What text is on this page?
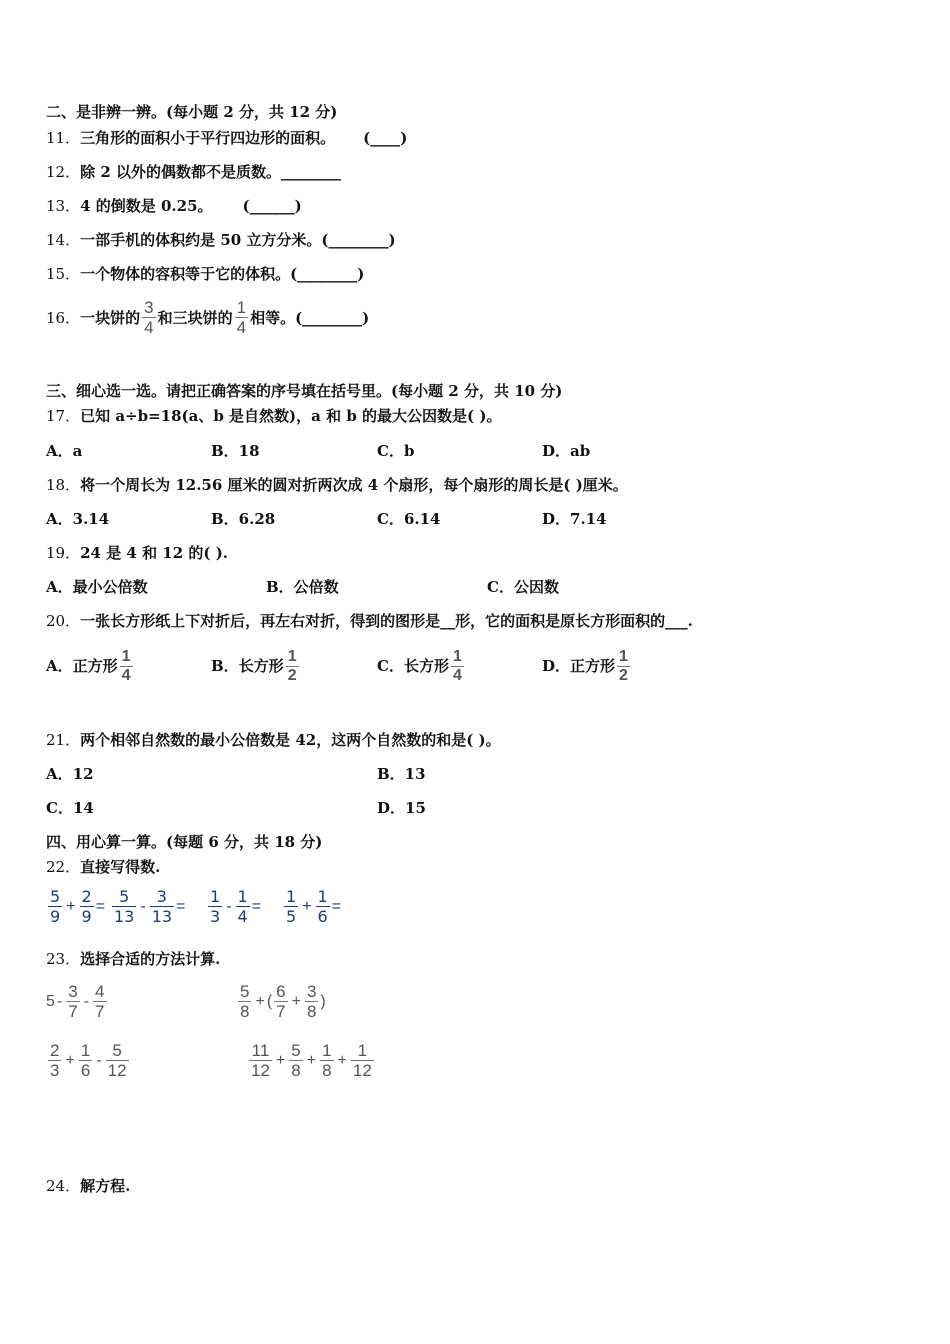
二、是非辨一辨。(每小题 2 分，共 12 分)
11．三角形的面积小于平行四边形的面积。 (____)
12．除 2 以外的偶数都不是质数。________
13．4 的倒数是 0.25。 (______)
14．一部手机的体积约是 50 立方分米。(________)
15．一个物体的容积等于它的体积。(________)
16． 一块饼的 $\frac{3}{4}$ 和三块饼的 $\frac{1}{4}$ 相等。(________)
三、细心选一选。请把正确答案的序号填在括号里。(每小题 2 分，共 10 分)
17．已知 a÷b=18(a、b 是自然数)，a 和 b 的最大公因数是( )。
A．a	B．18	C．b	D．ab
18．将一个周长为 12.56 厘米的圆对折两次成 4 个扇形，每个扇形的周长是( )厘米。
A．3.14	B．6.28	C．6.14	D．7.14
19．24 是 4 和 12 的( ).
A．最小公倍数	B．公倍数	C．公因数
20．一张长方形纸上下对折后，再左右对折，得到的图形是__形，它的面积是原长方形面积的___.
A．正方形 $\frac{1}{4}$	B．长方形 $\frac{1}{2}$	C．长方形 $\frac{1}{4}$	D．正方形 $\frac{1}{2}$
21．两个相邻自然数的最小公倍数是 42，这两个自然数的和是( )。
A．12	B．13
C．14	D．15
四、用心算一算。(每题 6 分，共 18 分)
22．直接写得数.
$\frac{5}{9} + \frac{2}{9} = \frac{5}{13} - \frac{3}{13} = \frac{1}{3} - \frac{1}{4} = \frac{1}{5} + \frac{1}{6}$ =
23．选择合适的方法计算.
$5 - \frac{3}{7} - \frac{4}{7}$	$\frac{5}{8}$ + ( $\frac{6}{7} + \frac{3}{8}$ )
$\frac{2}{3} + \frac{1}{6} - \frac{5}{12}$	$\frac{11}{12} + \frac{5}{8} + \frac{1}{8} + \frac{1}{12}$
24．解方程.
